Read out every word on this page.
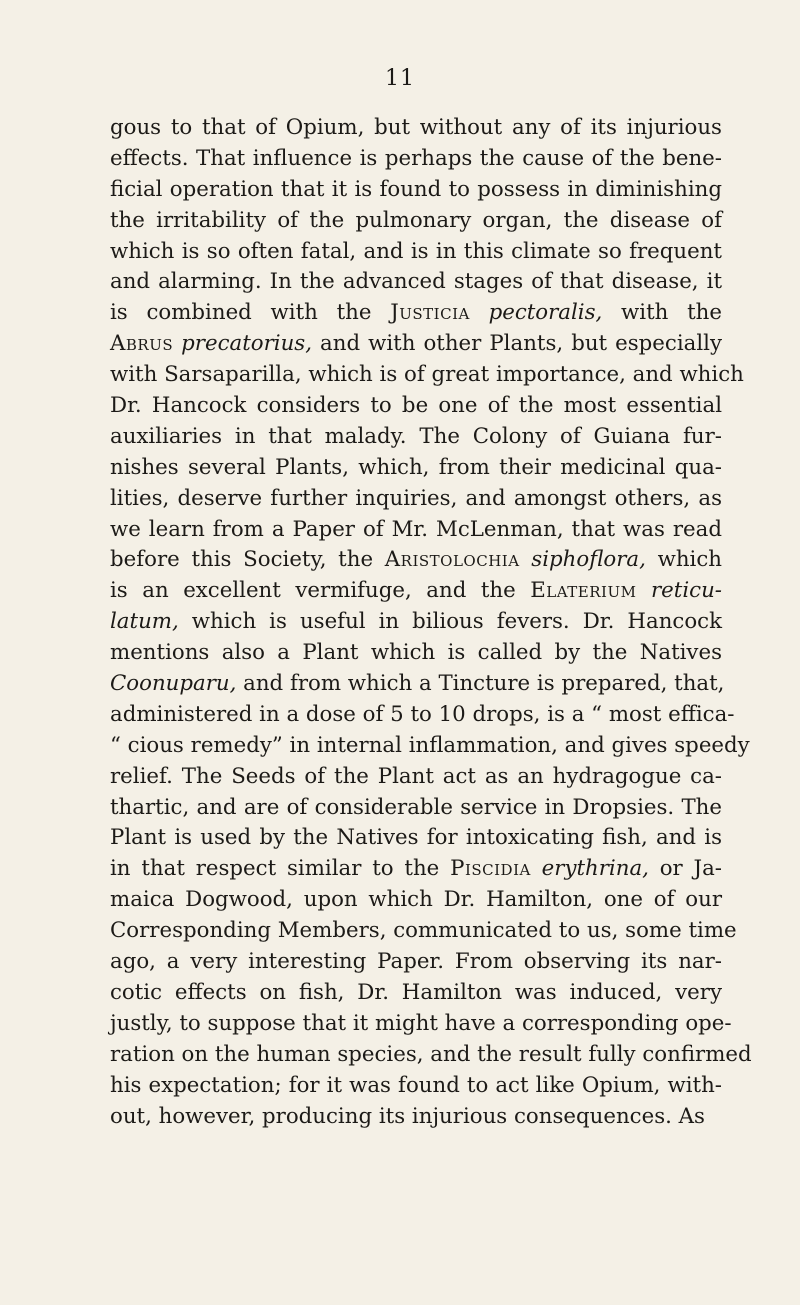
11
gous to that of Opium, but without any of its injurious
effects. That influence is perhaps the cause of the bene-
ficial operation that it is found to possess in diminishing
the irritability of the pulmonary organ, the disease of
which is so often fatal, and is in this climate so frequent
and alarming. In the advanced stages of that disease, it
is combined with the Justicia pectoralis, with the
Abrus precatorius, and with other Plants, but especially
with Sarsaparilla, which is of great importance, and which
Dr. Hancock considers to be one of the most essential
auxiliaries in that malady. The Colony of Guiana fur-
nishes several Plants, which, from their medicinal qua-
lities, deserve further inquiries, and amongst others, as
we learn from a Paper of Mr. McLenman, that was read
before this Society, the Aristolochia siphoflora, which
is an excellent vermifuge, and the Elaterium reticu-
latum, which is useful in bilious fevers. Dr. Hancock
mentions also a Plant which is called by the Natives
Coonuparu, and from which a Tincture is prepared, that,
administered in a dose of 5 to 10 drops, is a “ most effica-
“ cious remedy” in internal inflammation, and gives speedy
relief. The Seeds of the Plant act as an hydragogue ca-
thartic, and are of considerable service in Dropsies. The
Plant is used by the Natives for intoxicating fish, and is
in that respect similar to the Piscidia erythrina, or Ja-
maica Dogwood, upon which Dr. Hamilton, one of our
Corresponding Members, communicated to us, some time
ago, a very interesting Paper. From observing its nar-
cotic effects on fish, Dr. Hamilton was induced, very
justly, to suppose that it might have a corresponding ope-
ration on the human species, and the result fully confirmed
his expectation; for it was found to act like Opium, with-
out, however, producing its injurious consequences. As
